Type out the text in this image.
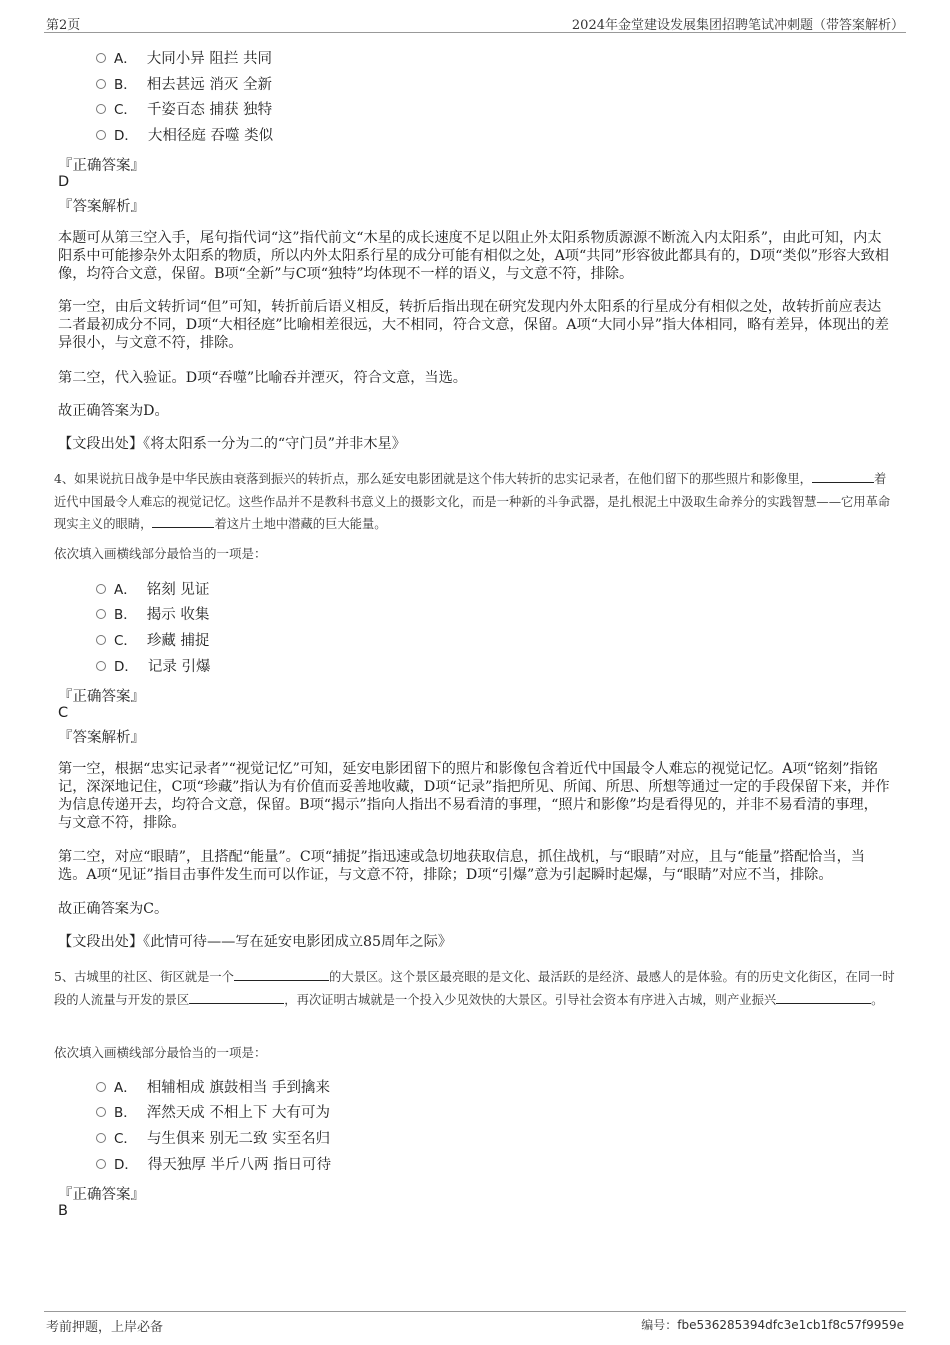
第2页	2024年金堂建设发展集团招聘笔试冲刺题（带答案解析）
A． 大同小异 阻拦 共同
B． 相去甚远 消灭 全新
C． 千姿百态 捕获 独特
D． 大相径庭 吞噬 类似
『正确答案』
D
『答案解析』
本题可从第三空入手，尾句指代词“这”指代前文“木星的成长速度不足以阻止外太阳系物质源源不断流入内太阳系”，由此可知，内太阳系中可能掺杂外太阳系的物质，所以内外太阳系行星的成分可能有相似之处，A项“共同”形容彼此都具有的，D项“类似”形容大致相像，均符合文意，保留。B项“全新”与C项“独特”均体现不一样的语义，与文意不符，排除。
第一空，由后文转折词“但”可知，转折前后语义相反，转折后指出现在研究发现内外太阳系的行星成分有相似之处，故转折前应表达二者最初成分不同，D项“大相径庭”比喻相差很远，大不相同，符合文意，保留。A项“大同小异”指大体相同，略有差异，体现出的差异很小，与文意不符，排除。
第二空，代入验证。D项“吞噬”比喻吞并湮灭，符合文意，当选。
故正确答案为D。
【文段出处】《将太阳系一分为二的“守门员”并非木星》
4、如果说抗日战争是中华民族由衰落到振兴的转折点，那么延安电影团就是这个伟大转折的忠实记录者，在他们留下的那些照片和影像里，	着近代中国最令人难忘的视觉记忆。这些作品并不是教科书意义上的摄影文化，而是一种新的斗争武器，是扎根泥土中汲取生命养分的实践智慧——它用革命现实主义的眼睛，	着这片土地中潜藏的巨大能量。
依次填入画横线部分最恰当的一项是：
A． 铭刻 见证
B． 揭示 收集
C． 珍藏 捕捉
D． 记录 引爆
『正确答案』
C
『答案解析』
第一空，根据“忠实记录者”“视觉记忆”可知，延安电影团留下的照片和影像包含着近代中国最令人难忘的视觉记忆。A项“铭刻”指铭记，深深地记住，C项“珍藏”指认为有价值而妥善地收藏，D项“记录”指把所见、所闻、所思、所想等通过一定的手段保留下来，并作为信息传递开去，均符合文意，保留。B项“揭示”指向人指出不易看清的事理，“照片和影像”均是看得见的，并非不易看清的事理，与文意不符，排除。
第二空，对应“眼睛”，且搭配“能量”。C项“捕捉”指迅速或急切地获取信息，抓住战机，与“眼睛”对应，且与“能量”搭配恰当，当选。A项“见证”指目击事件发生而可以作证，与文意不符，排除；D项“引爆”意为引起瞬时起爆，与“眼睛”对应不当，排除。
故正确答案为C。
【文段出处】《此情可待——写在延安电影团成立85周年之际》
5、古城里的社区、街区就是一个	的大景区。这个景区最亮眼的是文化、最活跃的是经济、最感人的是体验。有的历史文化街区，在同一时段的人流量与开发的景区	，再次证明古城就是一个投入少见效快的大景区。引导社会资本有序进入古城，则产业振兴	。
依次填入画横线部分最恰当的一项是：
A． 相辅相成 旗鼓相当 手到擒来
B． 浑然天成 不相上下 大有可为
C． 与生俱来 别无二致 实至名归
D． 得天独厚 半斤八两 指日可待
『正确答案』
B
考前押题，上岸必备	编号：fbe536285394dfc3e1cb1f8c57f9959e
